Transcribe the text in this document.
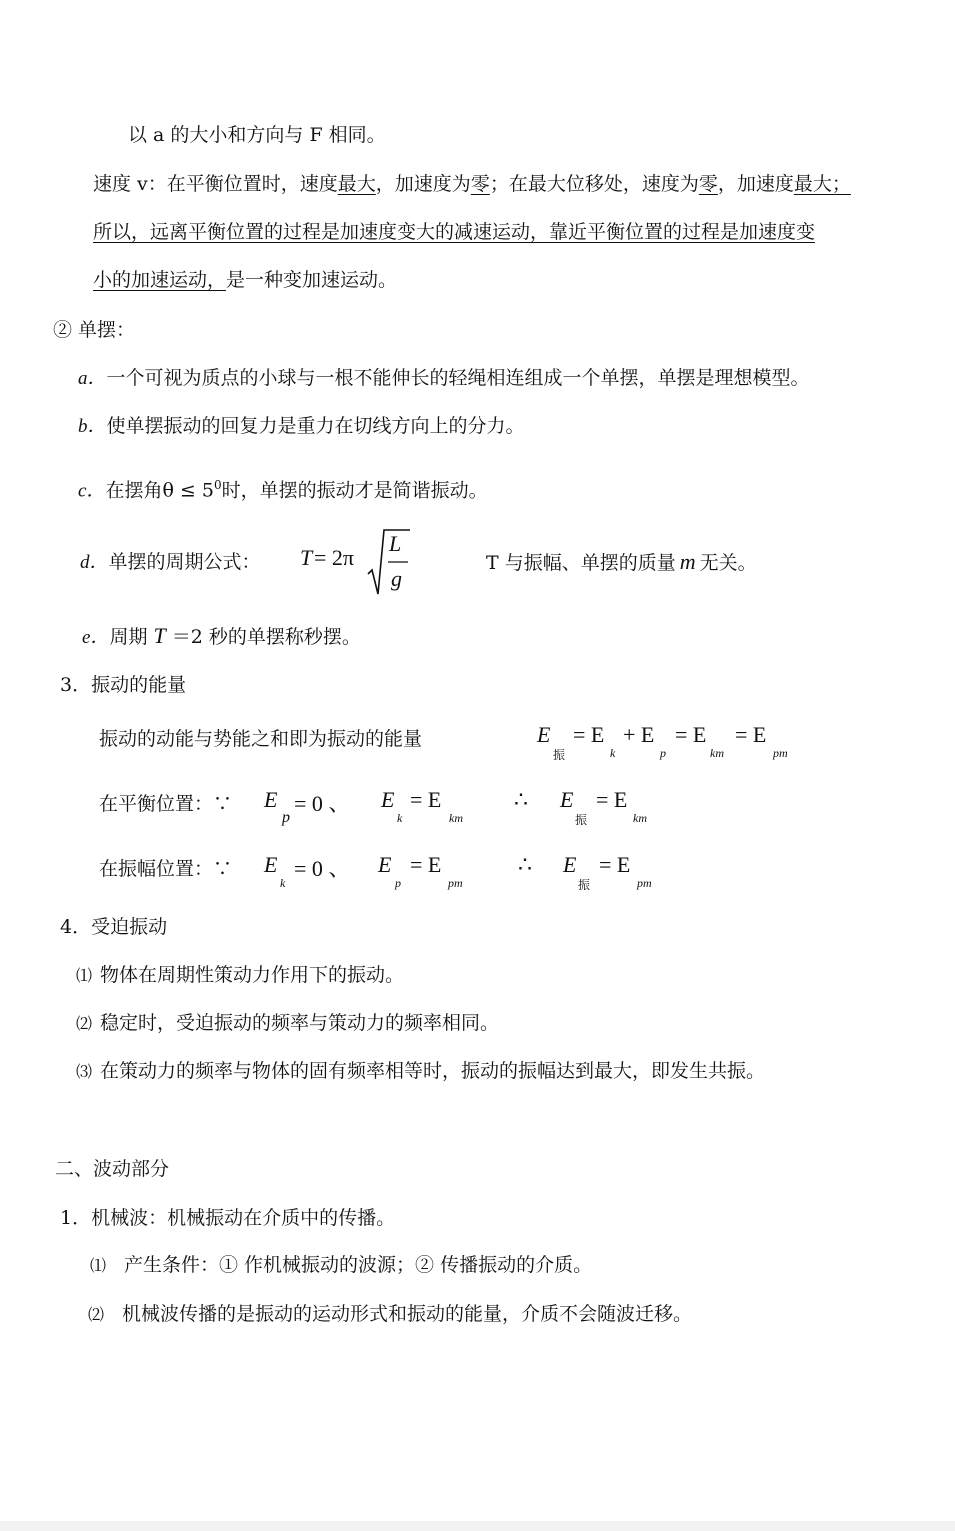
以 a 的大小和方向与 F 相同。
速度 v：在平衡位置时，速度最大，加速度为零；在最大位移处，速度为零，加速度最大；
所以，远离平衡位置的过程是加速度变大的减速运动，靠近平衡位置的过程是加速度变
小的加速运动，是一种变加速运动。
② 单摆：
a．一个可视为质点的小球与一根不能伸长的轻绳相连组成一个单摆，单摆是理想模型。
b．使单摆振动的回复力是重力在切线方向上的分力。
c．在摆角$\theta \le 5^0$时，单摆的振动才是简谐振动。
d．单摆的周期公式： T = 2π
L
g
T 与振幅、单摆的质量 m 无关。
e．周期 T ＝2 秒的单摆称秒摆。
3．振动的能量
振动的动能与势能之和即为振动的能量	E
振
= E
k
+ E
p
= E
km
= E
pm
在平衡位置：∵ E
p
= 0 、 E
k
= E
km
∴ E
振
= E
km
在振幅位置：∵ E
k
= 0 、 E
p
= E
pm
∴ E
振
= E
pm
4．受迫振动
⑴ 物体在周期性策动力作用下的振动。
⑵ 稳定时，受迫振动的频率与策动力的频率相同。
⑶ 在策动力的频率与物体的固有频率相等时，振动的振幅达到最大，即发生共振。
二、波动部分
1．机械波：机械振动在介质中的传播。
⑴ 产生条件：① 作机械振动的波源；② 传播振动的介质。
⑵ 机械波传播的是振动的运动形式和振动的能量，介质不会随波迁移。
